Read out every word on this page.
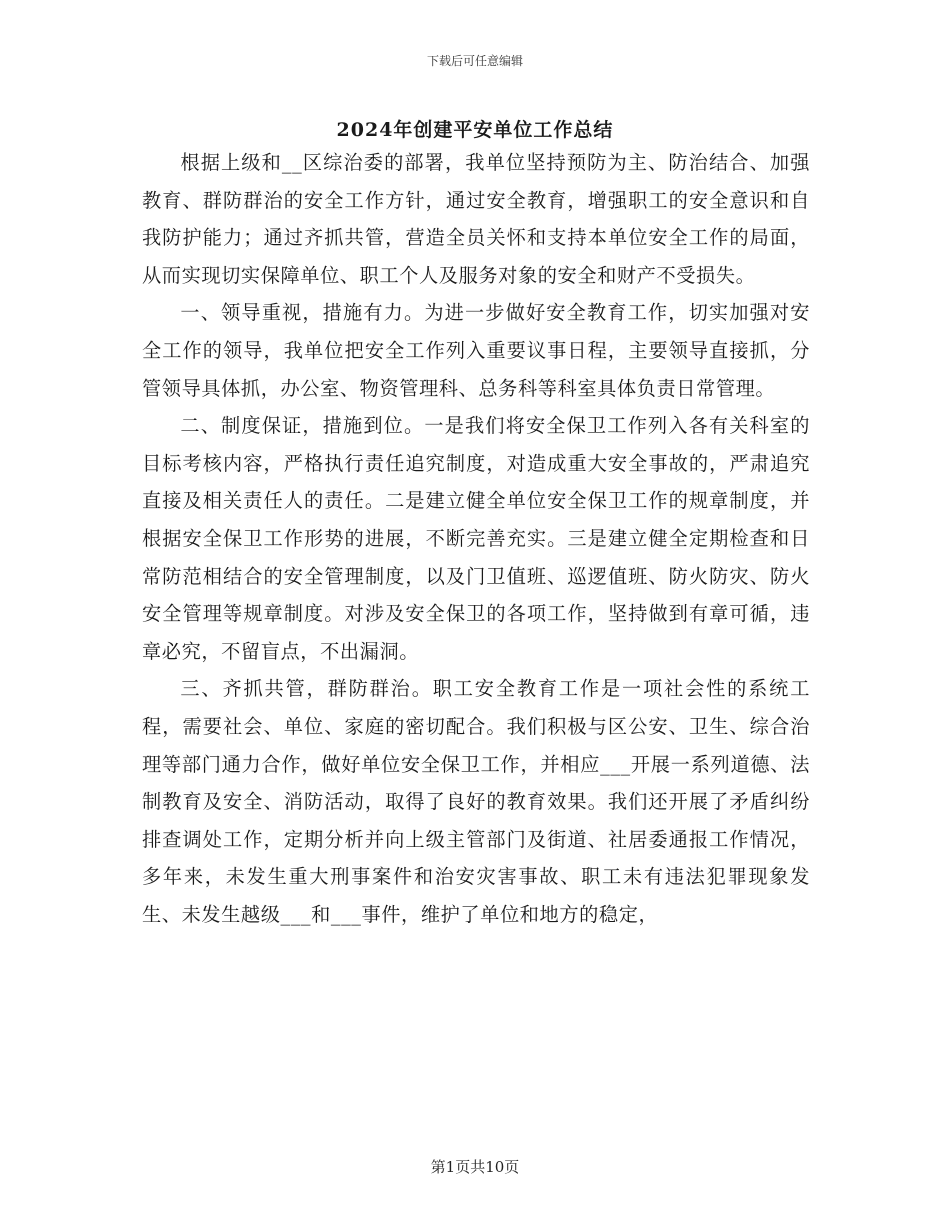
下载后可任意编辑
2024年创建平安单位工作总结

根据上级和__区综治委的部署，我单位坚持预防为主、防治结合、加强教育、群防群治的安全工作方针，通过安全教育，增强职工的安全意识和自我防护能力；通过齐抓共管，营造全员关怀和支持本单位安全工作的局面，从而实现切实保障单位、职工个人及服务对象的安全和财产不受损失。

一、领导重视，措施有力。为进一步做好安全教育工作，切实加强对安全工作的领导，我单位把安全工作列入重要议事日程，主要领导直接抓，分管领导具体抓，办公室、物资管理科、总务科等科室具体负责日常管理。

二、制度保证，措施到位。一是我们将安全保卫工作列入各有关科室的目标考核内容，严格执行责任追究制度，对造成重大安全事故的，严肃追究直接及相关责任人的责任。二是建立健全单位安全保卫工作的规章制度，并根据安全保卫工作形势的进展，不断完善充实。三是建立健全定期检查和日常防范相结合的安全管理制度，以及门卫值班、巡逻值班、防火防灾、防火安全管理等规章制度。对涉及安全保卫的各项工作，坚持做到有章可循，违章必究，不留盲点，不出漏洞。

三、齐抓共管，群防群治。职工安全教育工作是一项社会性的系统工程，需要社会、单位、家庭的密切配合。我们积极与区公安、卫生、综合治理等部门通力合作，做好单位安全保卫工作，并相应___开展一系列道德、法制教育及安全、消防活动，取得了良好的教育效果。我们还开展了矛盾纠纷排查调处工作，定期分析并向上级主管部门及街道、社居委通报工作情况，多年来，未发生重大刑事案件和治安灾害事故、职工未有违法犯罪现象发生、未发生越级___和___事件，维护了单位和地方的稳定，

第1页共10页
